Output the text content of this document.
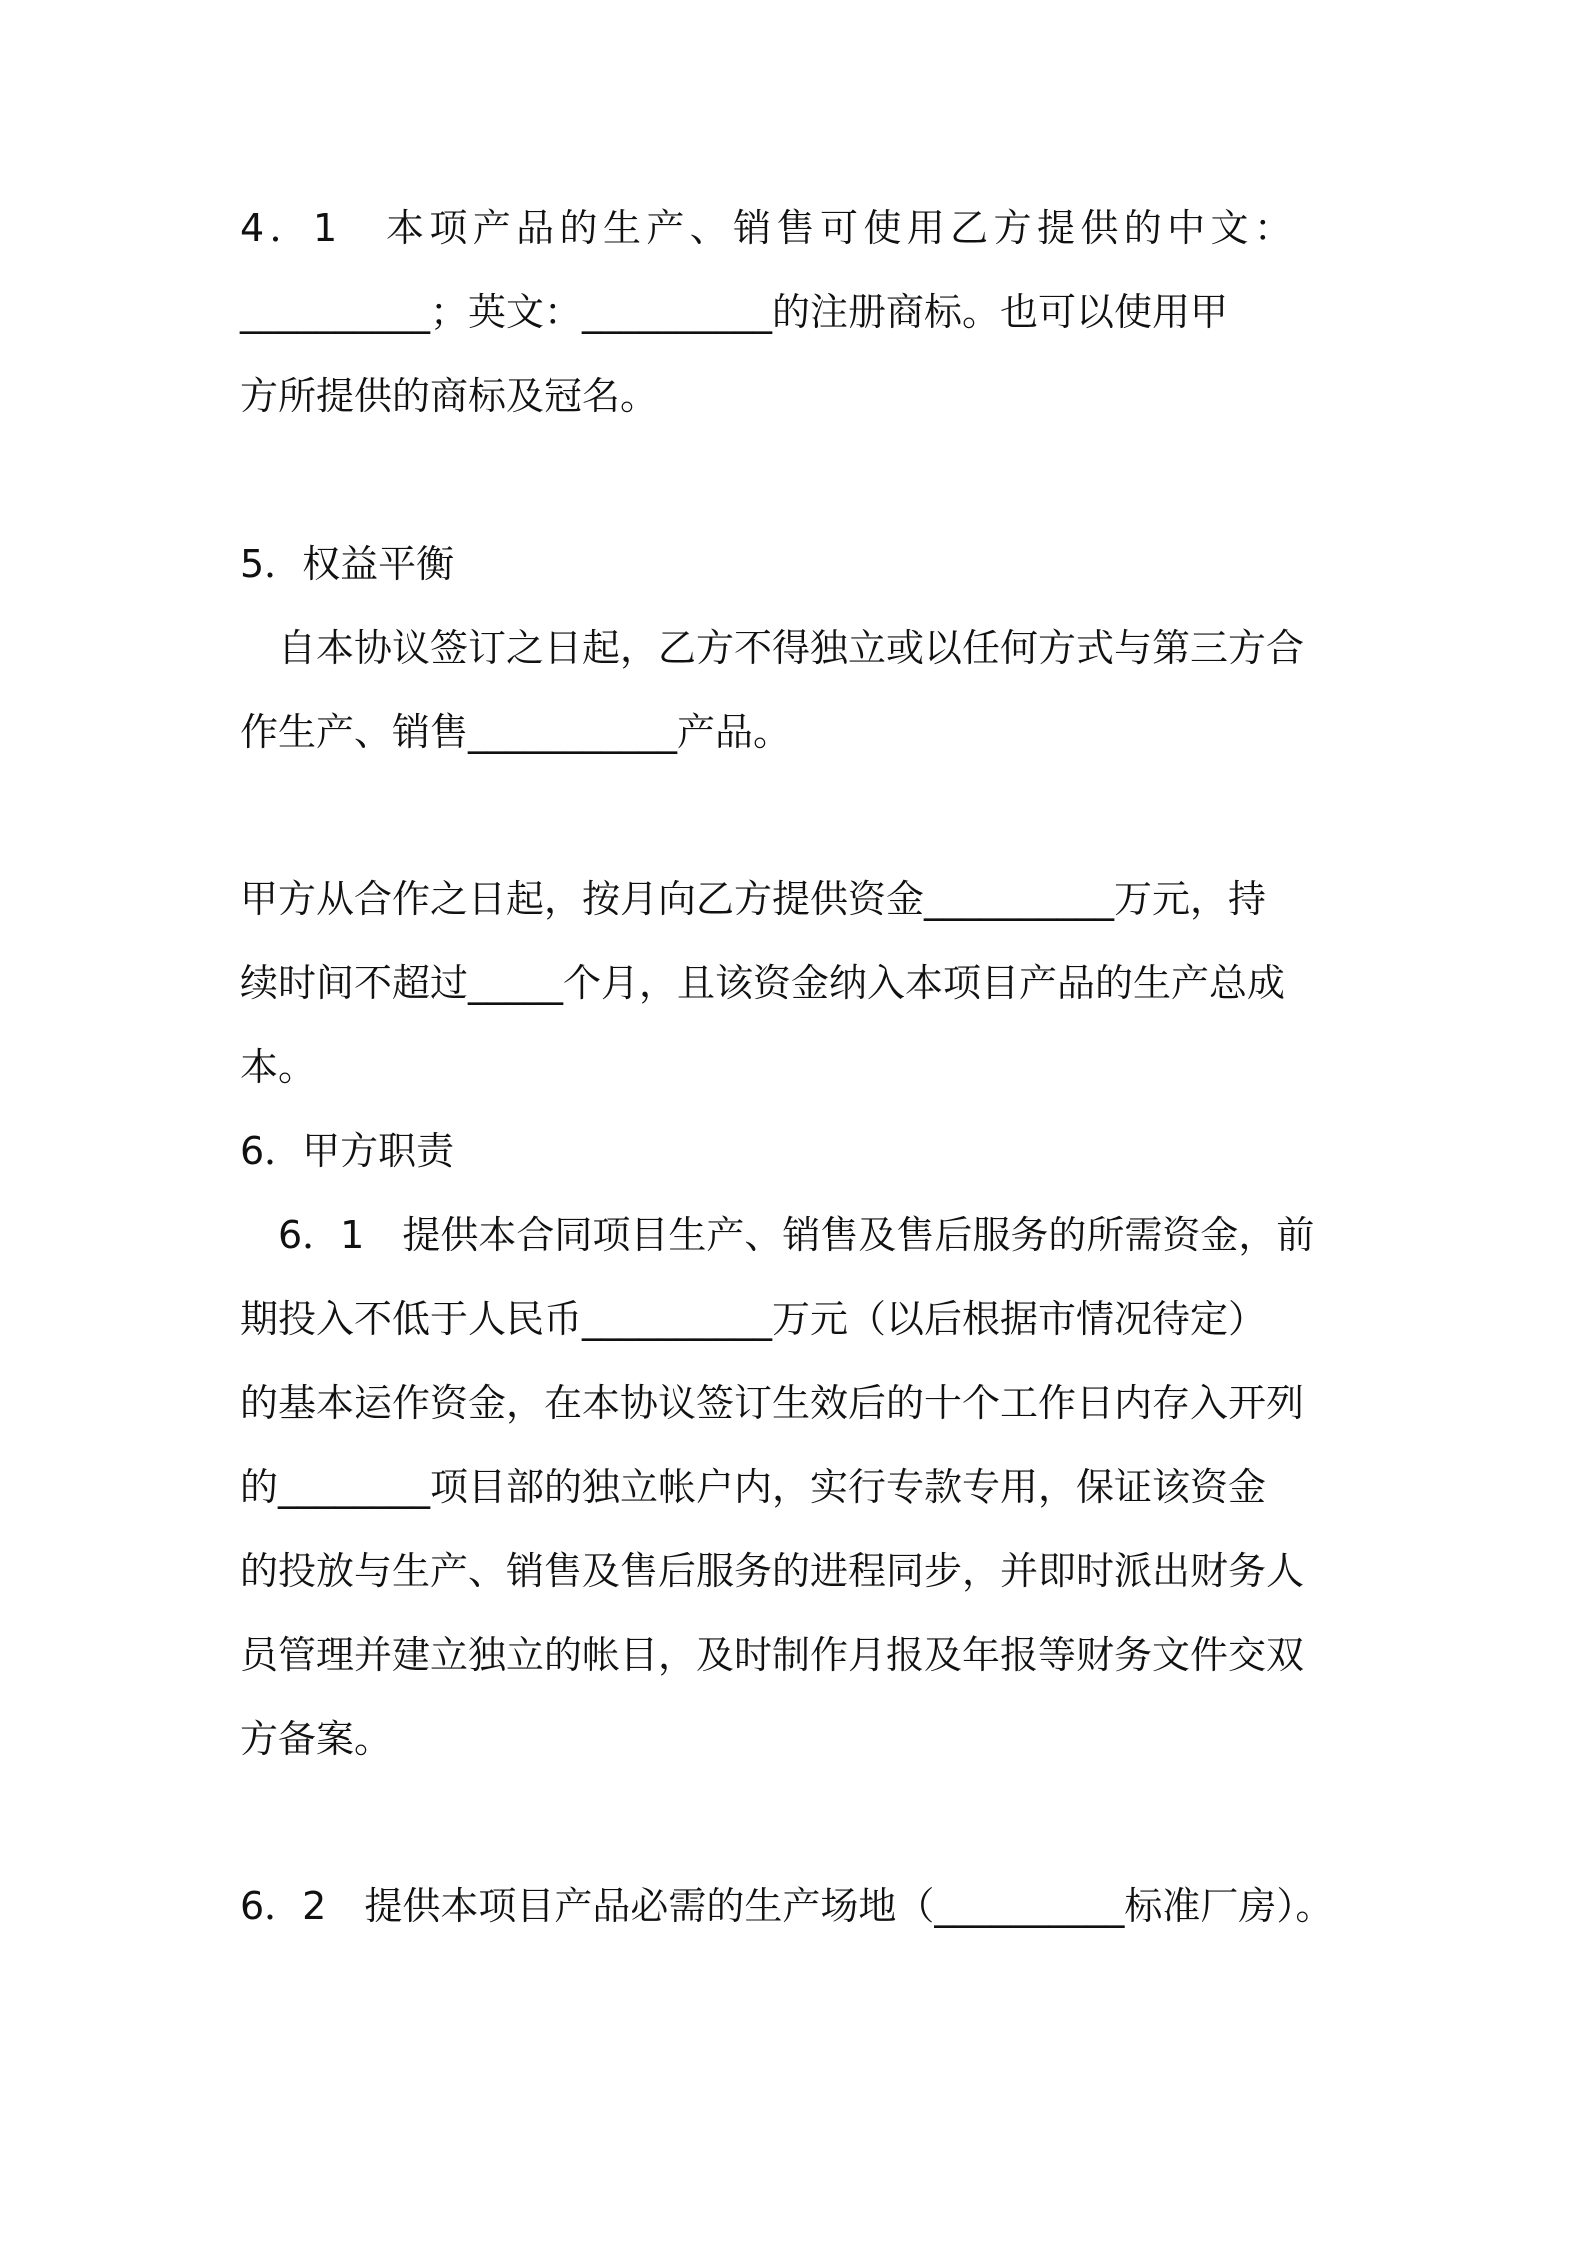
4．1　本项产品的生产、销售可使用乙方提供的中文：
__________；英文：__________的注册商标。也可以使用甲
方所提供的商标及冠名。
5．权益平衡
　自本协议签订之日起，乙方不得独立或以任何方式与第三方合
作生产、销售___________产品。
甲方从合作之日起，按月向乙方提供资金__________万元，持
续时间不超过_____个月，且该资金纳入本项目产品的生产总成
本。
6．甲方职责
　6．1　提供本合同项目生产、销售及售后服务的所需资金，前
期投入不低于人民币__________万元（以后根据市情况待定）
的基本运作资金，在本协议签订生效后的十个工作日内存入开列
的________项目部的独立帐户内，实行专款专用，保证该资金
的投放与生产、销售及售后服务的进程同步，并即时派出财务人
员管理并建立独立的帐目，及时制作月报及年报等财务文件交双
方备案。
6．2　提供本项目产品必需的生产场地（__________标准厂房）。
